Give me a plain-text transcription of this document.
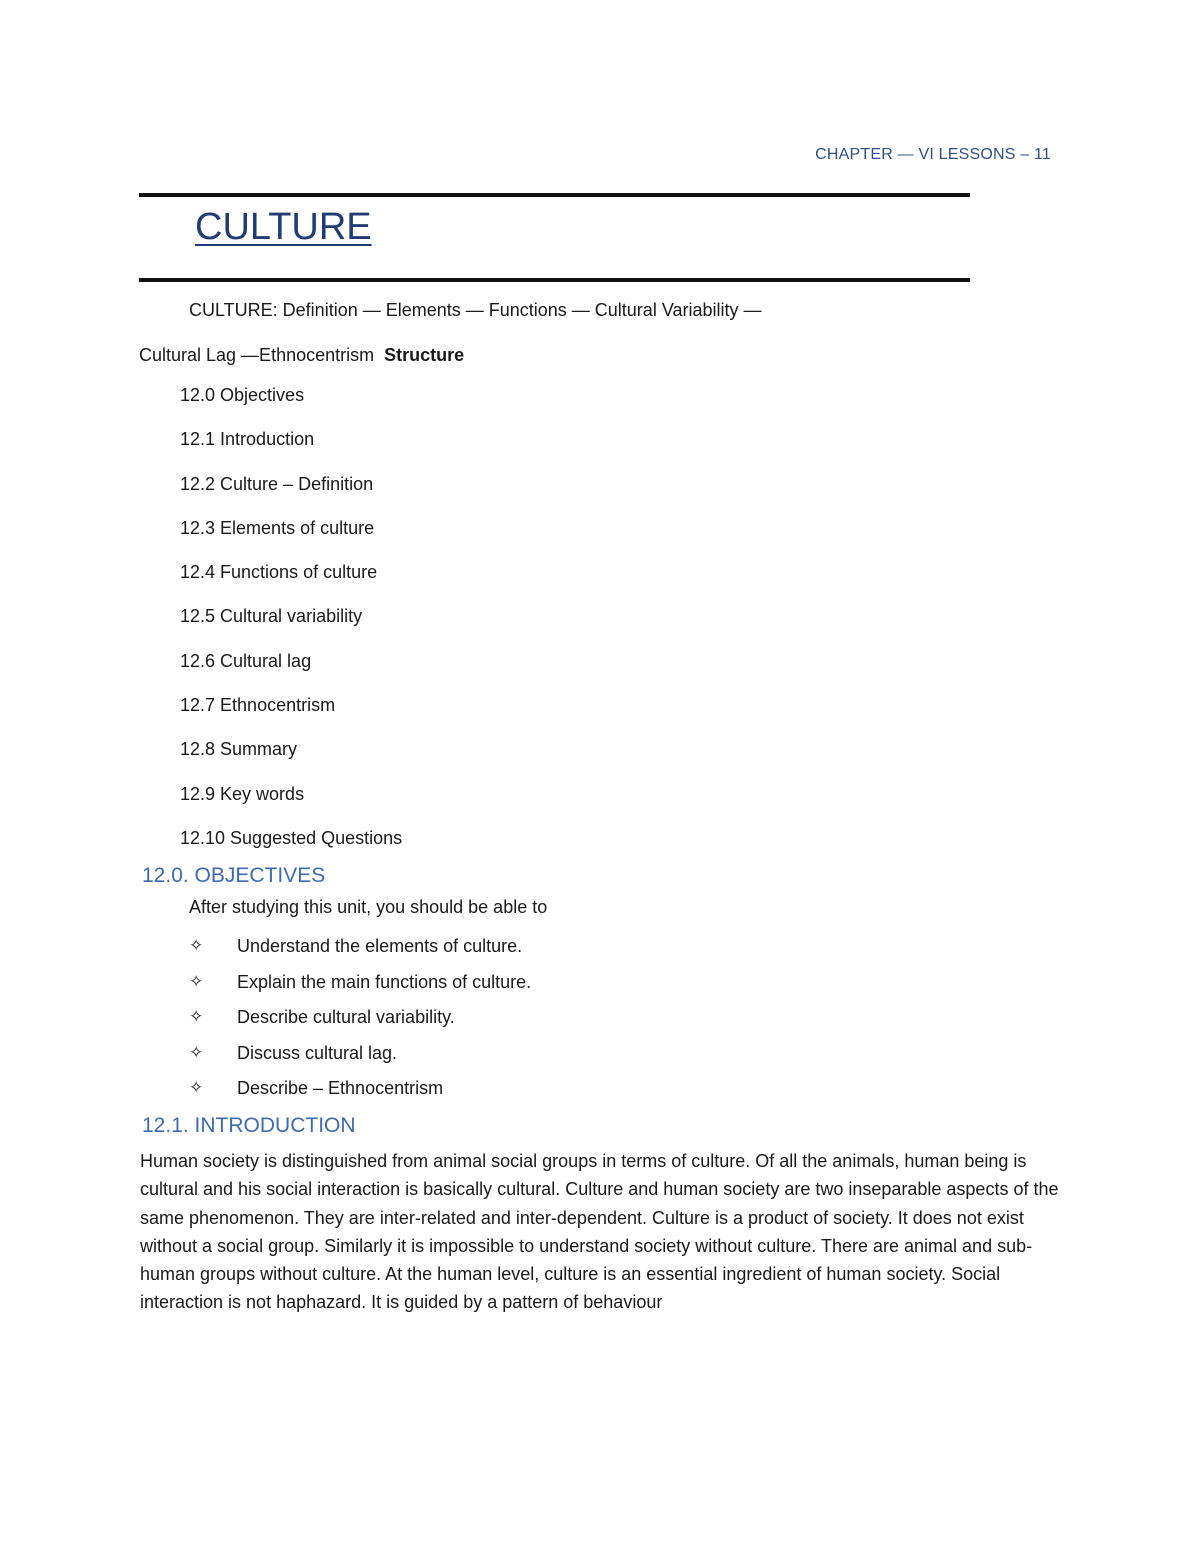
CHAPTER — VI LESSONS – 11
CULTURE
CULTURE: Definition — Elements — Functions — Cultural Variability —
Cultural Lag —Ethnocentrism Structure
12.0 Objectives
12.1 Introduction
12.2 Culture – Definition
12.3 Elements of culture
12.4 Functions of culture
12.5 Cultural variability
12.6 Cultural lag
12.7 Ethnocentrism
12.8 Summary
12.9 Key words
12.10 Suggested Questions
12.0. OBJECTIVES
After studying this unit, you should be able to
✧	Understand the elements of culture.
✧	Explain the main functions of culture.
✧	Describe cultural variability.
✧	Discuss cultural lag.
✧	Describe – Ethnocentrism
12.1. INTRODUCTION

Human society is distinguished from animal social groups in terms of culture. Of all the animals, human being is cultural and his social interaction is basically cultural. Culture and human society are two inseparable aspects of the same phenomenon. They are inter-related and inter-dependent. Culture is a product of society. It does not exist without a social group. Similarly it is impossible to understand society without culture. There are animal and sub-human groups without culture. At the human level, culture is an essential ingredient of human society. Social interaction is not haphazard. It is guided by a pattern of behaviour
